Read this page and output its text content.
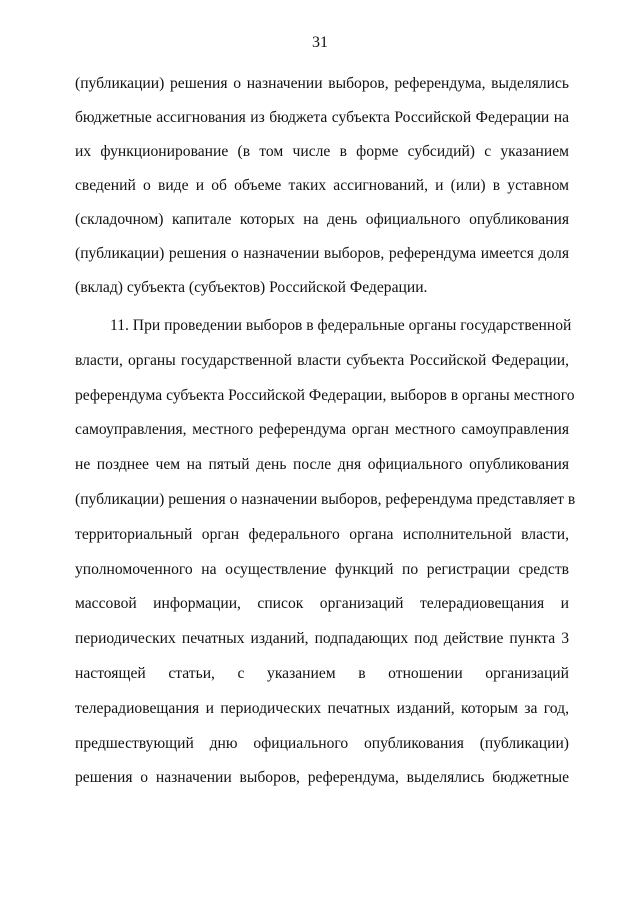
31
(публикации) решения о назначении выборов, референдума, выделялись
бюджетные ассигнования из бюджета субъекта Российской Федерации на
их функционирование (в том числе в форме субсидий) с указанием
сведений о виде и об объеме таких ассигнований, и (или) в уставном
(складочном) капитале которых на день официального опубликования
(публикации) решения о назначении выборов, референдума имеется доля
(вклад) субъекта (субъектов) Российской Федерации.
11. При проведении выборов в федеральные органы государственной
власти, органы государственной власти субъекта Российской Федерации,
референдума субъекта Российской Федерации, выборов в органы местного
самоуправления, местного референдума орган местного самоуправления
не позднее чем на пятый день после дня официального опубликования
(публикации) решения о назначении выборов, референдума представляет в
территориальный орган федерального органа исполнительной власти,
уполномоченного на осуществление функций по регистрации средств
массовой информации, список организаций телерадиовещания и
периодических печатных изданий, подпадающих под действие пункта 3
настоящей статьи, с указанием в отношении организаций
телерадиовещания и периодических печатных изданий, которым за год,
предшествующий дню официального опубликования (публикации)
решения о назначении выборов, референдума, выделялись бюджетные
